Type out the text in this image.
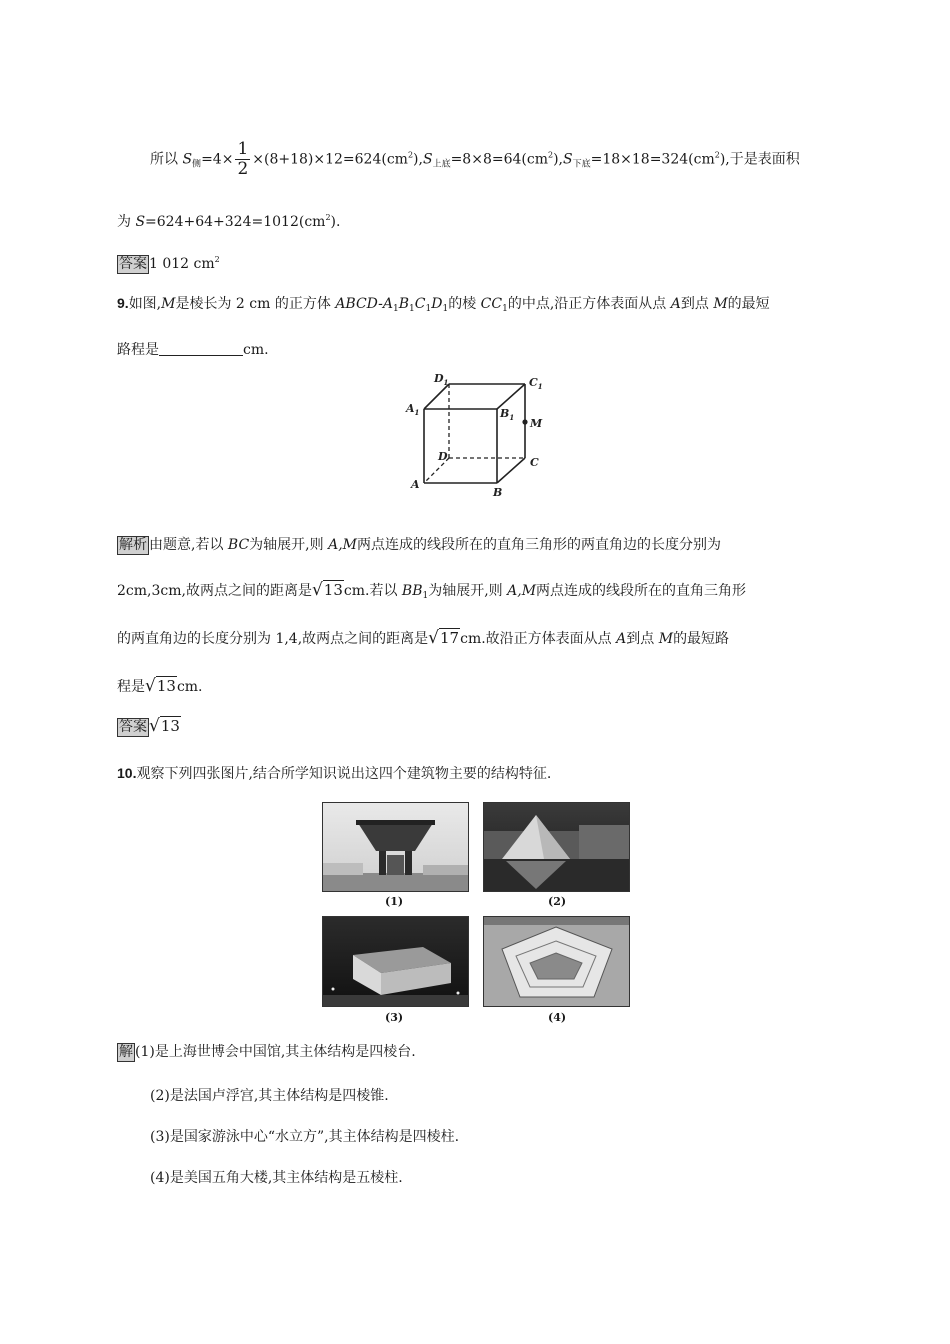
所以 $S_侧=4\times \frac{1}{2} \times(8+18)\times 12=624(cm^2),S_{上底}=8\times 8=64(cm^2),S_{下底}=18\times 18=324(cm^2)$,于是表面积
为 $S=624+64+324=1012(cm^2)$.
答案 1 012 $cm^2$
9.如图,M是棱长为 2 cm 的正方体 ABCD-$A_1B_1C_1D_1$的棱 $CC_1$的中点,沿正方体表面从点 A到点 M的最短
路程是	cm.
$D_1$	$C_1$
$A_1$	$B_1$ M
D	C
A
B
解析 由题意,若以 BC为轴展开,则 A,M两点连成的线段所在的直角三角形的两直角边的长度分别为
2cm,3cm,故两点之间的距离是√13cm.若以 $BB_1$为轴展开,则 A,M两点连成的线段所在的直角三角形
的两直角边的长度分别为 1,4,故两点之间的距离是√17cm.故沿正方体表面从点 A到点 M的最短路
程是√13cm.
答案 √13
10.观察下列四张图片,结合所学知识说出这四个建筑物主要的结构特征.
(1)	(2)
(3)	(4)
解 (1)是上海世博会中国馆,其主体结构是四棱台.
(2)是法国卢浮宫,其主体结构是四棱锥.
(3)是国家游泳中心“水立方”,其主体结构是四棱柱.
(4)是美国五角大楼,其主体结构是五棱柱.
